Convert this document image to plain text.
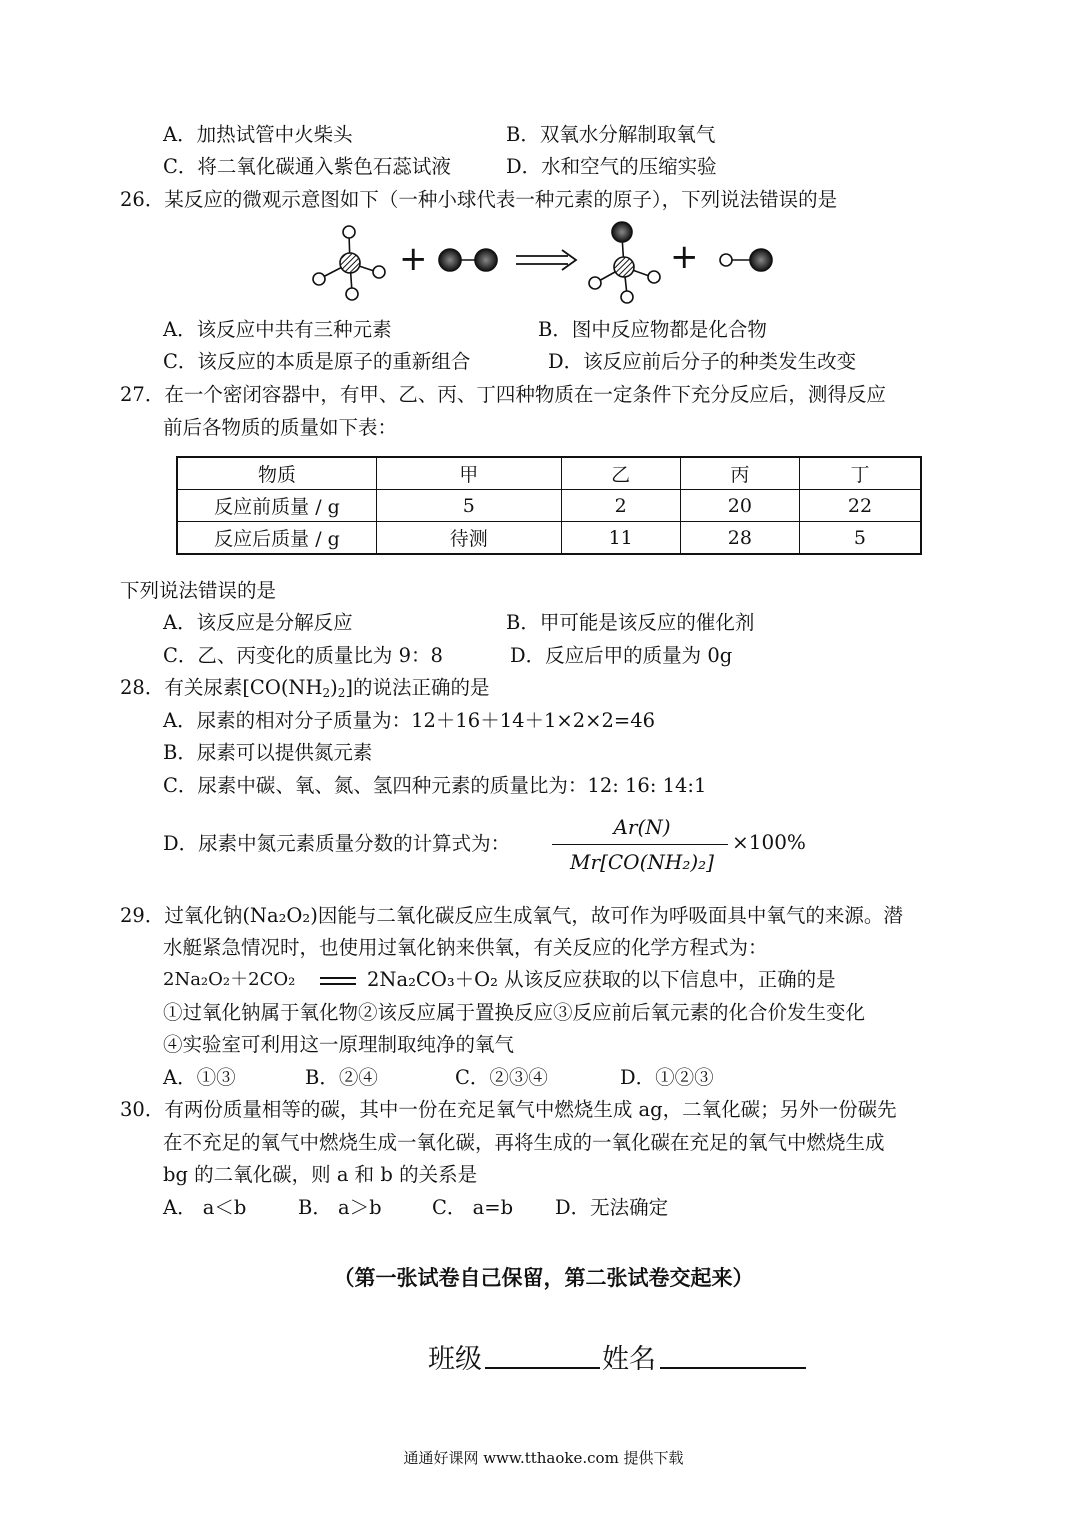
A．加热试管中火柴头	B．双氧水分解制取氧气
C．将二氧化碳通入紫色石蕊试液	D．水和空气的压缩实验
26．某反应的微观示意图如下（一种小球代表一种元素的原子），下列说法错误的是
+	+
A．该反应中共有三种元素	B．图中反应物都是化合物
C．该反应的本质是原子的重新组合	D．该反应前后分子的种类发生改变
27．在一个密闭容器中，有甲、乙、丙、丁四种物质在一定条件下充分反应后，测得反应
前后各物质的质量如下表：
物质	甲	乙	丙	丁
反应前质量 / g	5	2	20	22
反应后质量 / g	待测	11	28	5
下列说法错误的是
A．该反应是分解反应	B．甲可能是该反应的催化剂
C．乙、丙变化的质量比为 9：8	D．反应后甲的质量为 0g
28．有关尿素$[CO(NH_2)_2]$的说法正确的是
A．尿素的相对分子质量为：12＋16＋14＋1×2×2=46
B．尿素可以提供氮元素
C．尿素中碳、氧、氮、氢四种元素的质量比为：12: 16: 14:1
D．尿素中氮元素质量分数的计算式为：
Ar(N)
Mr[CO(NH₂)₂]
×100%
29．过氧化钠(Na₂O₂)因能与二氧化碳反应生成氧气，故可作为呼吸面具中氧气的来源。潜
水艇紧急情况时，也使用过氧化钠来供氧，有关反应的化学方程式为：
2Na₂O₂＋2CO₂	2Na₂CO₃＋O₂ 从该反应获取的以下信息中，正确的是
①过氧化钠属于氧化物②该反应属于置换反应③反应前后氧元素的化合价发生变化
④实验室可利用这一原理制取纯净的氧气
A．①③	B．②④	C．②③④	D．①②③
30．有两份质量相等的碳，其中一份在充足氧气中燃烧生成 ag，二氧化碳；另外一份碳先
在不充足的氧气中燃烧生成一氧化碳，再将生成的一氧化碳在充足的氧气中燃烧生成
bg 的二氧化碳，则 a 和 b 的关系是
A． a＜b	B． a＞b	C． a=b D．无法确定
（第一张试卷自己保留，第二张试卷交起来）
班级	姓名
通通好课网 www.tthaoke.com 提供下载
